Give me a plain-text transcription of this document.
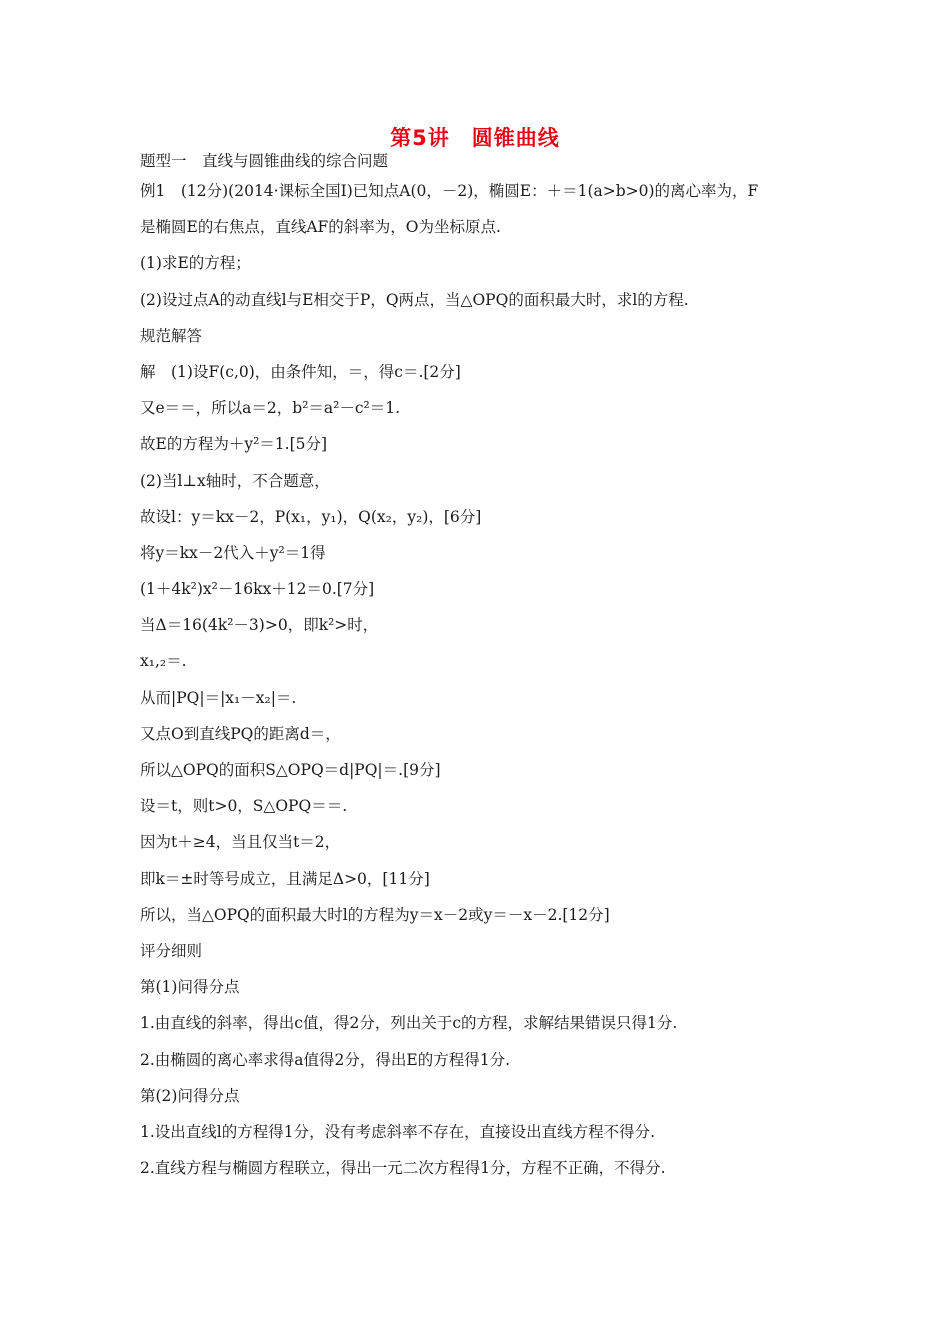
第5讲　圆锥曲线
题型一　直线与圆锥曲线的综合问题
例1　(12分)(2014·课标全国Ⅰ)已知点A(0，－2)，椭圆E：＋＝1(a>b>0)的离心率为，F
是椭圆E的右焦点，直线AF的斜率为，O为坐标原点.
(1)求E的方程；
(2)设过点A的动直线l与E相交于P，Q两点，当△OPQ的面积最大时，求l的方程.
规范解答
解　(1)设F(c,0)，由条件知，＝，得c＝.[2分]
又e＝＝，所以a＝2，b²＝a²－c²＝1.
故E的方程为＋y²＝1.[5分]
(2)当l⊥x轴时，不合题意，
故设l：y＝kx－2，P(x₁，y₁)，Q(x₂，y₂)，[6分]
将y＝kx－2代入＋y²＝1得
(1＋4k²)x²－16kx＋12＝0.[7分]
当Δ＝16(4k²－3)>0，即k²>时，
x₁,₂＝.
从而|PQ|＝|x₁－x₂|＝.
又点O到直线PQ的距离d＝，
所以△OPQ的面积S△OPQ＝d|PQ|＝.[9分]
设＝t，则t>0，S△OPQ＝＝.
因为t＋≥4，当且仅当t＝2，
即k＝±时等号成立，且满足Δ>0，[11分]
所以，当△OPQ的面积最大时l的方程为y＝x－2或y＝－x－2.[12分]
评分细则
第(1)问得分点
1.由直线的斜率，得出c值，得2分，列出关于c的方程，求解结果错误只得1分.
2.由椭圆的离心率求得a值得2分，得出E的方程得1分.
第(2)问得分点
1.设出直线l的方程得1分，没有考虑斜率不存在，直接设出直线方程不得分.
2.直线方程与椭圆方程联立，得出一元二次方程得1分，方程不正确，不得分.
